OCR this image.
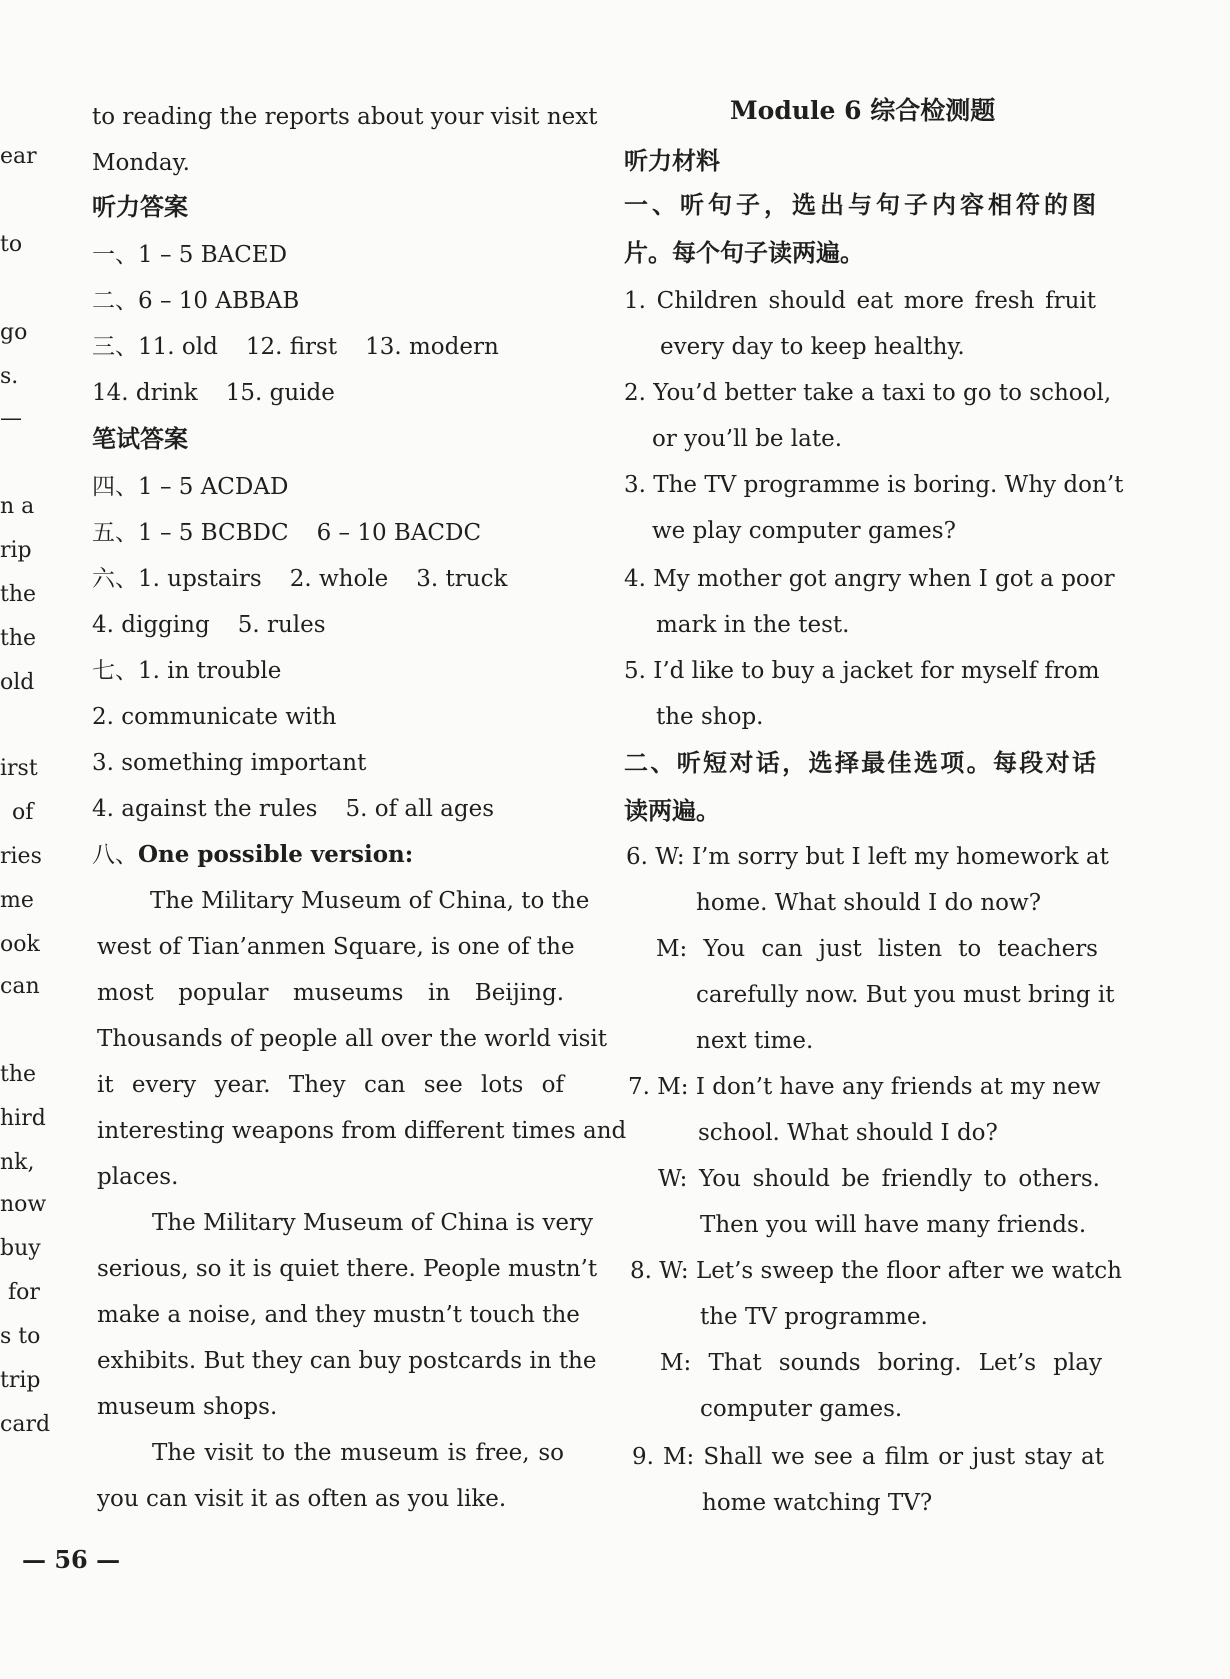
ear
to
go
s.
—
n a
rip
the
the
old
irst
of
ries
me
ook
can
the
hird
nk,
now
buy
for
s to
trip
card
to reading the reports about your visit next
Monday.
听力答案
一、1 – 5 BACED
二、6 – 10 ABBAB
三、11. old 12. first 13. modern
14. drink 15. guide
笔试答案
四、1 – 5 ACDAD
五、1 – 5 BCBDC 6 – 10 BACDC
六、1. upstairs 2. whole 3. truck
4. digging 5. rules
七、1. in trouble
2. communicate with
3. something important
4. against the rules 5. of all ages
八、One possible version:
The Military Museum of China, to the
west of Tian’anmen Square, is one of the
most popular museums in Beijing.
Thousands of people all over the world visit
it every year. They can see lots of
interesting weapons from different times and
places.
The Military Museum of China is very
serious, so it is quiet there. People mustn’t
make a noise, and they mustn’t touch the
exhibits. But they can buy postcards in the
museum shops.
The visit to the museum is free, so
you can visit it as often as you like.
Module 6 综合检测题
听力材料
一、听句子，选出与句子内容相符的图
片。每个句子读两遍。
1. Children should eat more fresh fruit
every day to keep healthy.
2. You’d better take a taxi to go to school,
or you’ll be late.
3. The TV programme is boring. Why don’t
we play computer games?
4. My mother got angry when I got a poor
mark in the test.
5. I’d like to buy a jacket for myself from
the shop.
二、听短对话，选择最佳选项。每段对话
读两遍。
6. W: I’m sorry but I left my homework at
home. What should I do now?
M: You can just listen to teachers
carefully now. But you must bring it
next time.
7. M: I don’t have any friends at my new
school. What should I do?
W: You should be friendly to others.
Then you will have many friends.
8. W: Let’s sweep the floor after we watch
the TV programme.
M: That sounds boring. Let’s play
computer games.
9. M: Shall we see a film or just stay at
home watching TV?
— 56 —
